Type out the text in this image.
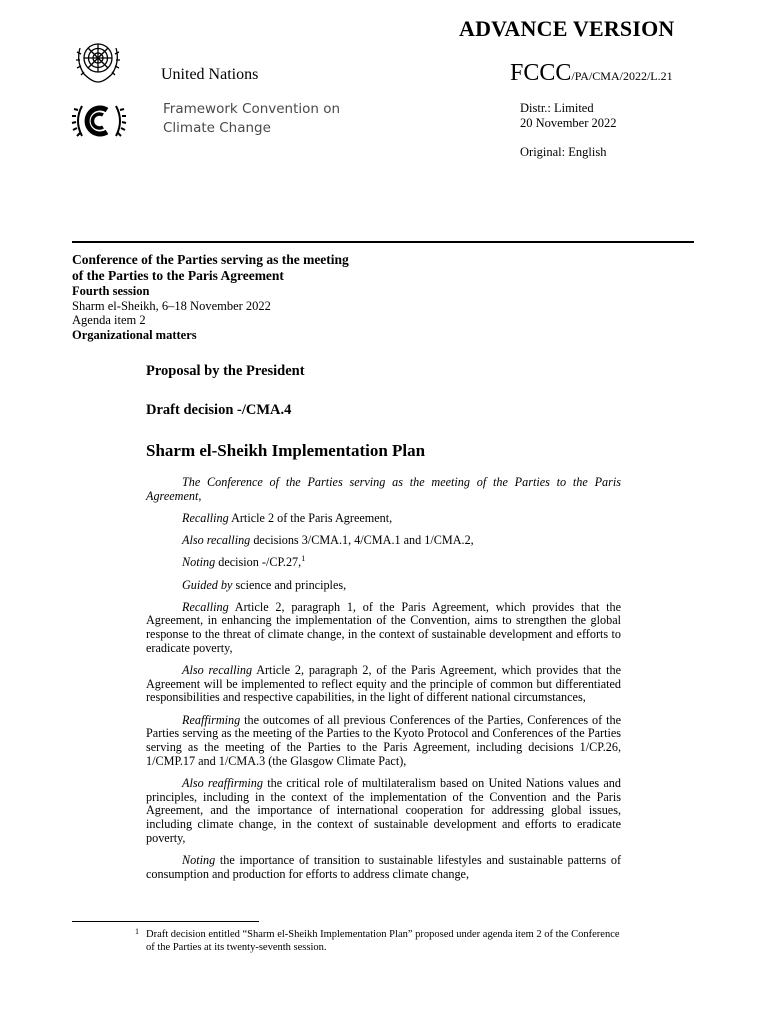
ADVANCE VERSION
United Nations	FCCC/PA/CMA/2022/L.21
Framework Convention on
Climate Change
Distr.: Limited
20 November 2022
Original: English
Conference of the Parties serving as the meeting
of the Parties to the Paris Agreement
Fourth session
Sharm el-Sheikh, 6–18 November 2022
Agenda item 2
Organizational matters
Proposal by the President
Draft decision -/CMA.4
Sharm el-Sheikh Implementation Plan

The Conference of the Parties serving as the meeting of the Parties to the Paris Agreement,

Recalling Article 2 of the Paris Agreement,

Also recalling decisions 3/CMA.1, 4/CMA.1 and 1/CMA.2,

Noting decision -/CP.27,$^1$

Guided by science and principles,

Recalling Article 2, paragraph 1, of the Paris Agreement, which provides that the Agreement, in enhancing the implementation of the Convention, aims to strengthen the global response to the threat of climate change, in the context of sustainable development and efforts to eradicate poverty,

Also recalling Article 2, paragraph 2, of the Paris Agreement, which provides that the Agreement will be implemented to reflect equity and the principle of common but differentiated responsibilities and respective capabilities, in the light of different national circumstances,

Reaffirming the outcomes of all previous Conferences of the Parties, Conferences of the Parties serving as the meeting of the Parties to the Kyoto Protocol and Conferences of the Parties serving as the meeting of the Parties to the Paris Agreement, including decisions 1/CP.26, 1/CMP.17 and 1/CMA.3 (the Glasgow Climate Pact),

Also reaffirming the critical role of multilateralism based on United Nations values and principles, including in the context of the implementation of the Convention and the Paris Agreement, and the importance of international cooperation for addressing global issues, including climate change, in the context of sustainable development and efforts to eradicate poverty,

Noting the importance of transition to sustainable lifestyles and sustainable patterns of consumption and production for efforts to address climate change,

1 Draft decision entitled “Sharm el-Sheikh Implementation Plan” proposed under agenda item 2 of the Conference of the Parties at its twenty-seventh session.
